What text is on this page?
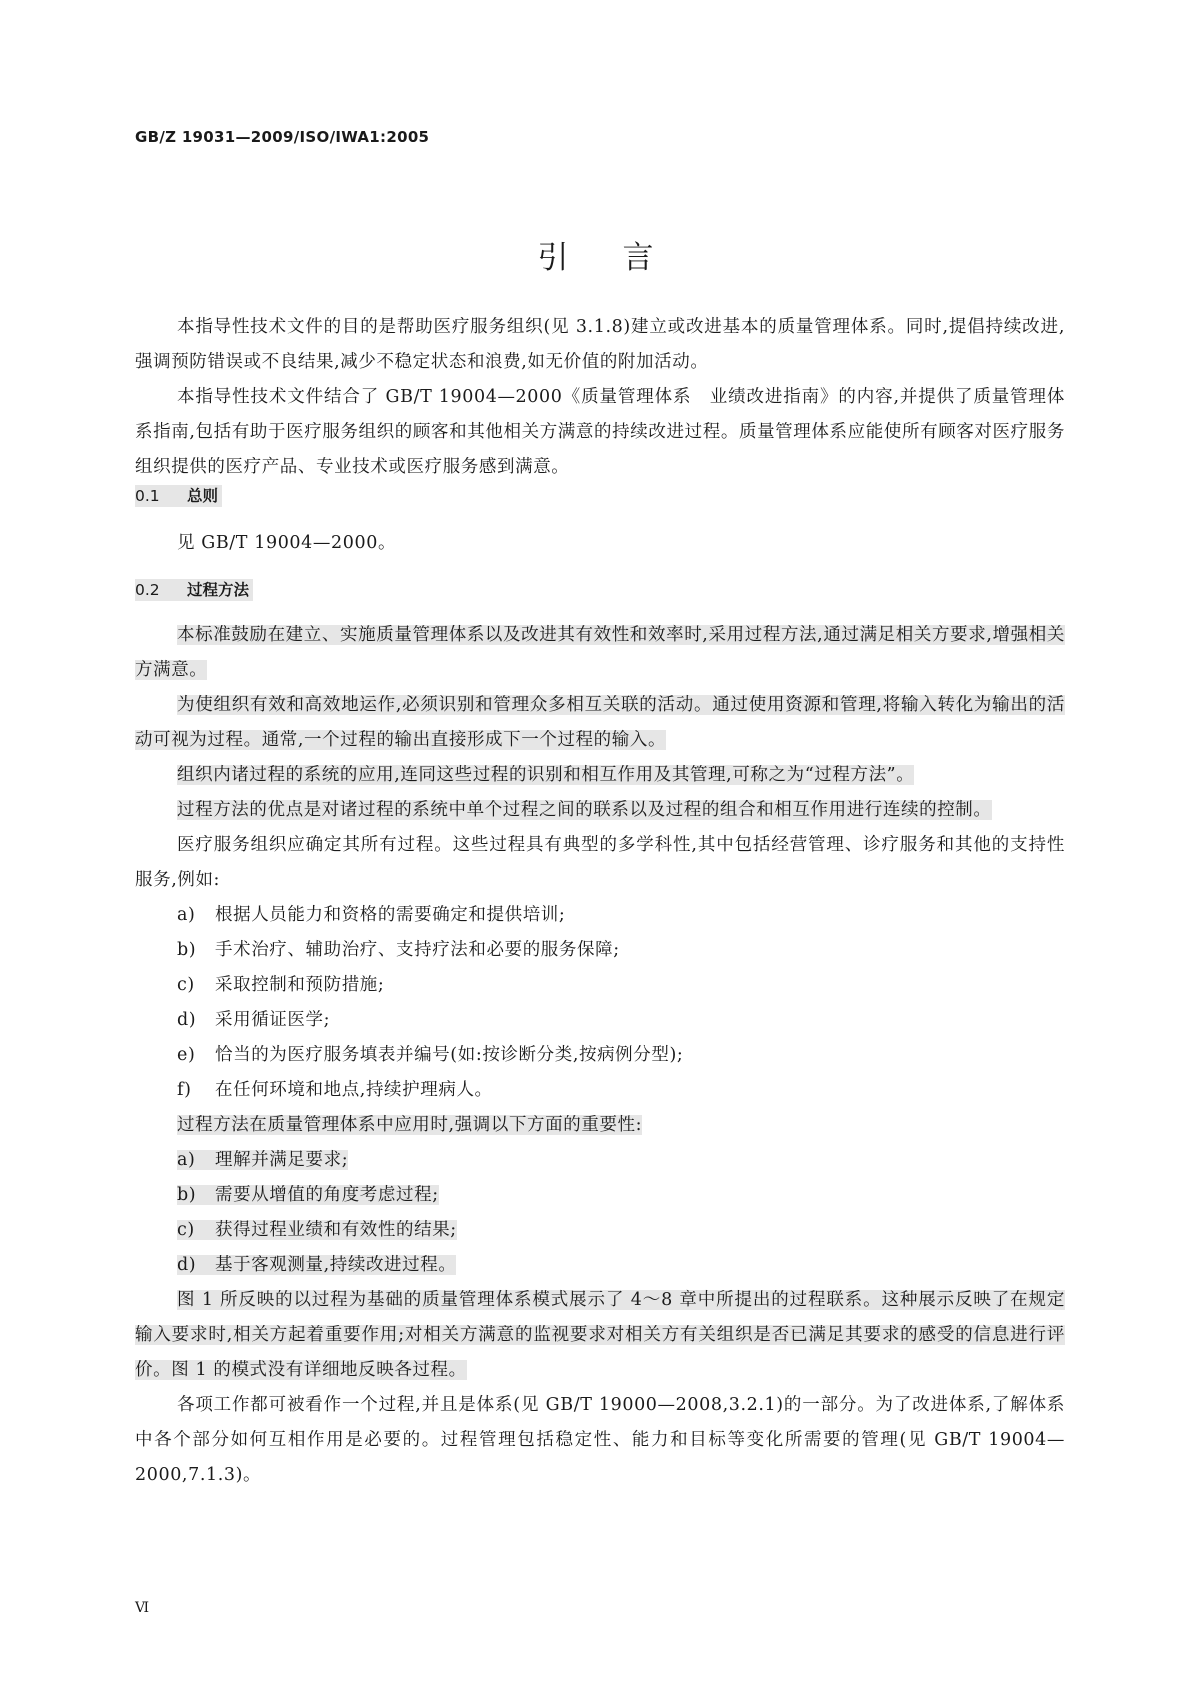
GB/Z 19031—2009/ISO/IWA1:2005
引言

本指导性技术文件的目的是帮助医疗服务组织(见 3.1.8)建立或改进基本的质量管理体系。同时,提倡持续改进,强调预防错误或不良结果,减少不稳定状态和浪费,如无价值的附加活动。

本指导性技术文件结合了 GB/T 19004—2000《质量管理体系　业绩改进指南》的内容,并提供了质量管理体系指南,包括有助于医疗服务组织的顾客和其他相关方满意的持续改进过程。质量管理体系应能使所有顾客对医疗服务组织提供的医疗产品、专业技术或医疗服务感到满意。

0.1 总则

见 GB/T 19004—2000。

0.2 过程方法

本标准鼓励在建立、实施质量管理体系以及改进其有效性和效率时,采用过程方法,通过满足相关方要求,增强相关方满意。

为使组织有效和高效地运作,必须识别和管理众多相互关联的活动。通过使用资源和管理,将输入转化为输出的活动可视为过程。通常,一个过程的输出直接形成下一个过程的输入。

组织内诸过程的系统的应用,连同这些过程的识别和相互作用及其管理,可称之为“过程方法”。

过程方法的优点是对诸过程的系统中单个过程之间的联系以及过程的组合和相互作用进行连续的控制。

医疗服务组织应确定其所有过程。这些过程具有典型的多学科性,其中包括经营管理、诊疗服务和其他的支持性服务,例如:

a) 根据人员能力和资格的需要确定和提供培训;

b) 手术治疗、辅助治疗、支持疗法和必要的服务保障;

c) 采取控制和预防措施;

d) 采用循证医学;

e) 恰当的为医疗服务填表并编号(如:按诊断分类,按病例分型);

f) 在任何环境和地点,持续护理病人。

过程方法在质量管理体系中应用时,强调以下方面的重要性:

a) 理解并满足要求;

b) 需要从增值的角度考虑过程;

c) 获得过程业绩和有效性的结果;

d) 基于客观测量,持续改进过程。

图 1 所反映的以过程为基础的质量管理体系模式展示了 4～8 章中所提出的过程联系。这种展示反映了在规定输入要求时,相关方起着重要作用;对相关方满意的监视要求对相关方有关组织是否已满足其要求的感受的信息进行评价。图 1 的模式没有详细地反映各过程。

各项工作都可被看作一个过程,并且是体系(见 GB/T 19000—2008,3.2.1)的一部分。为了改进体系,了解体系中各个部分如何互相作用是必要的。过程管理包括稳定性、能力和目标等变化所需要的管理(见 GB/T 19004—2000,7.1.3)。

Ⅵ
